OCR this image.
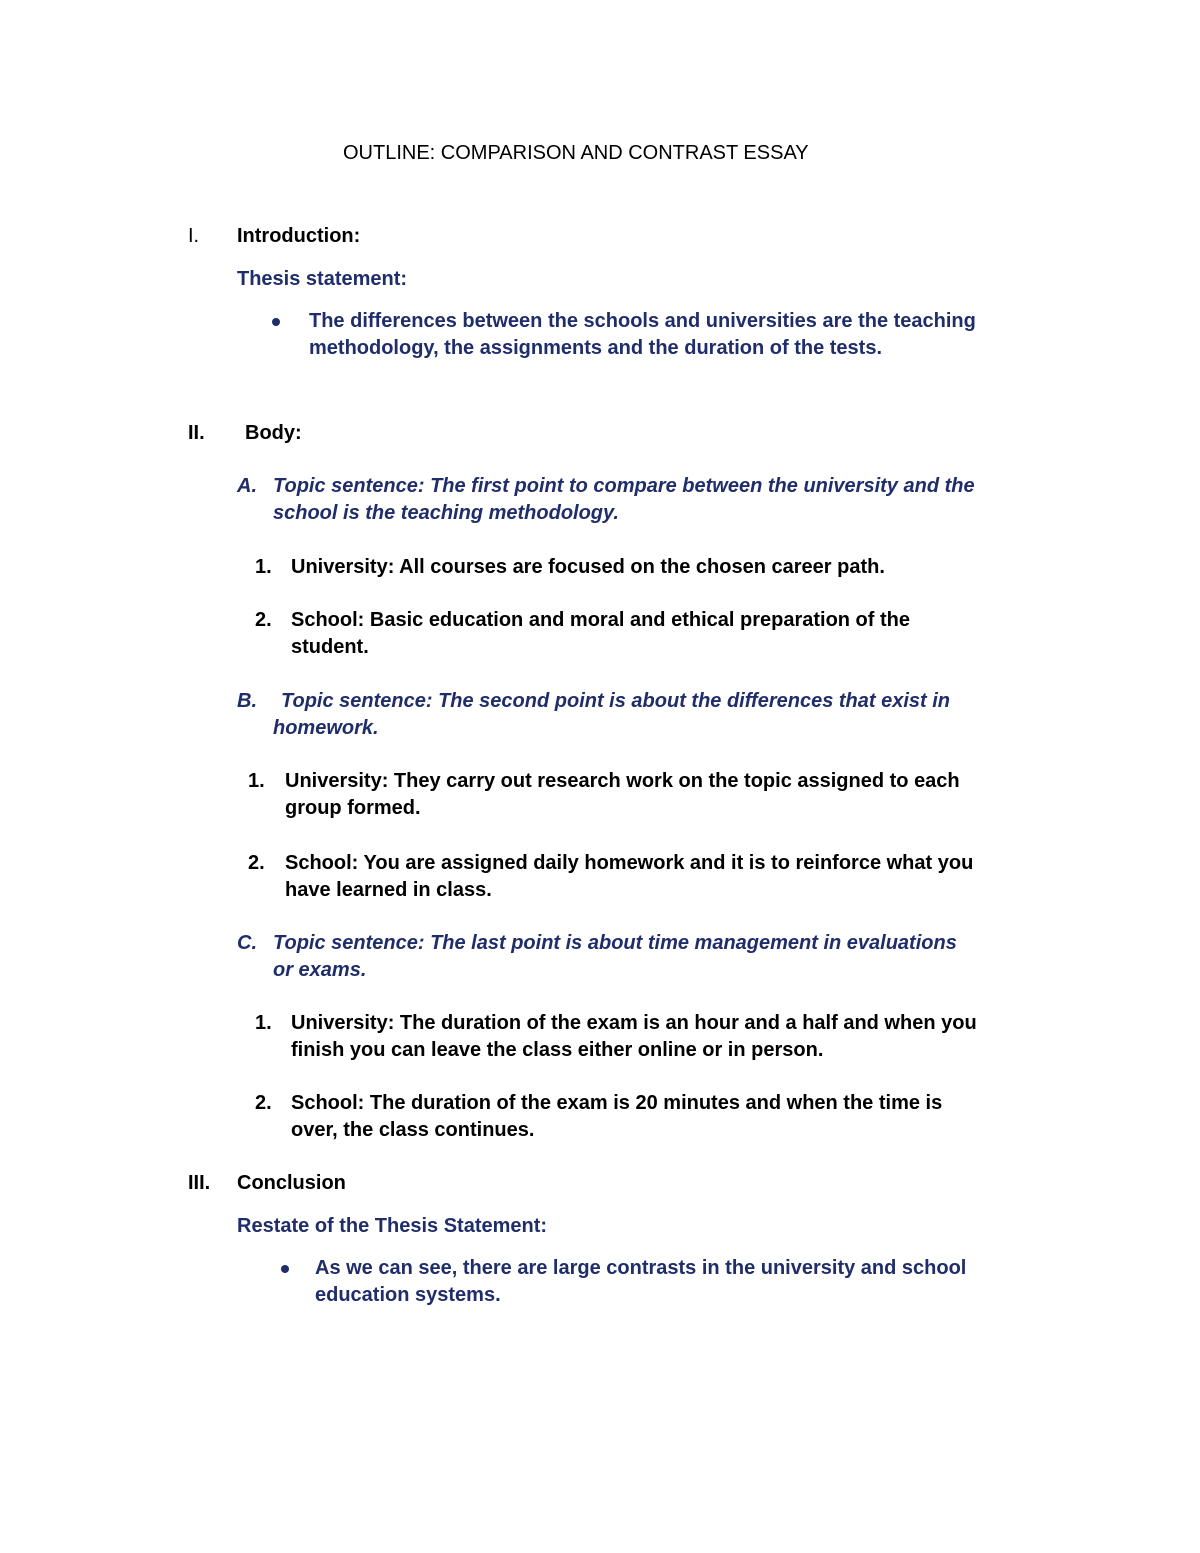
OUTLINE: COMPARISON AND CONTRAST ESSAY
I. Introduction:
Thesis statement:
The differences between the schools and universities are the teaching
methodology, the assignments and the duration of the tests.
II. Body:
A. Topic sentence: The first point to compare between the university and the
school is the teaching methodology.
1. University: All courses are focused on the chosen career path.
2. School: Basic education and moral and ethical preparation of the
student.
B. Topic sentence: The second point is about the differences that exist in
homework.
1. University: They carry out research work on the topic assigned to each
group formed.
2. School: You are assigned daily homework and it is to reinforce what you
have learned in class.
C. Topic sentence: The last point is about time management in evaluations
or exams.
1. University: The duration of the exam is an hour and a half and when you
finish you can leave the class either online or in person.
2. School: The duration of the exam is 20 minutes and when the time is
over, the class continues.
III. Conclusion
Restate of the Thesis Statement:
As we can see, there are large contrasts in the university and school
education systems.
